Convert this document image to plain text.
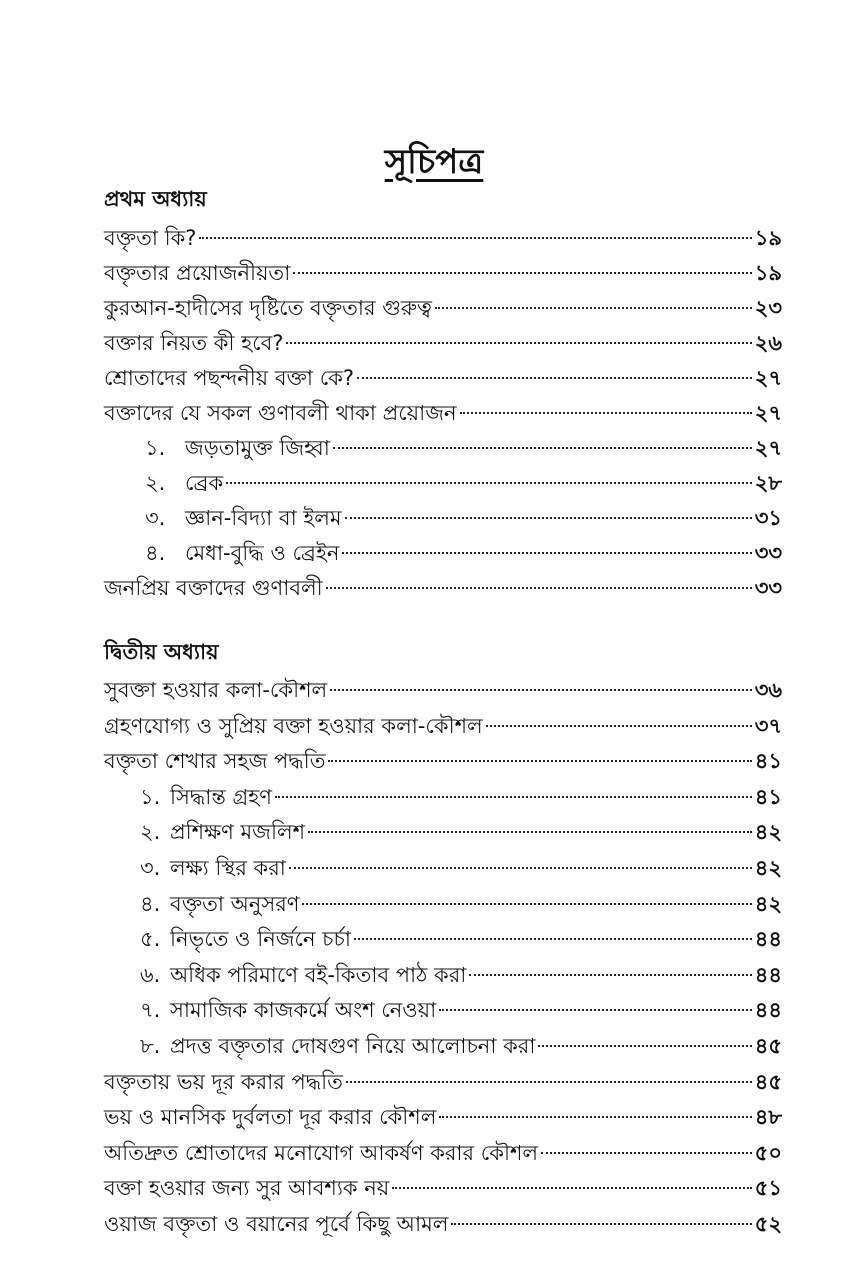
সূচিপত্র
প্রথম অধ্যায়
বক্তৃতা কি?	১৯
বক্তৃতার প্রয়োজনীয়তা	১৯
কুরআন-হাদীসের দৃষ্টিতে বক্তৃতার গুরুত্ব	২৩
বক্তার নিয়ত কী হবে?	২৬
শ্রোতাদের পছন্দনীয় বক্তা কে?	২৭
বক্তাদের যে সকল গুণাবলী থাকা প্রয়োজন	২৭
১. জড়তামুক্ত জিহ্বা	২৭
২. ব্রেক	২৮
৩. জ্ঞান-বিদ্যা বা ইলম	৩১
৪. মেধা-বুদ্ধি ও ব্রেইন	৩৩
জনপ্রিয় বক্তাদের গুণাবলী	৩৩
দ্বিতীয় অধ্যায়
সুবক্তা হওয়ার কলা-কৌশল	৩৬
গ্রহণযোগ্য ও সুপ্রিয় বক্তা হওয়ার কলা-কৌশল	৩৭
বক্তৃতা শেখার সহজ পদ্ধতি	৪১
১. সিদ্ধান্ত গ্রহণ	৪১
২. প্রশিক্ষণ মজলিশ	৪২
৩. লক্ষ্য স্থির করা	৪২
৪. বক্তৃতা অনুসরণ	৪২
৫. নিভৃতে ও নির্জনে চর্চা	৪৪
৬. অধিক পরিমাণে বই-কিতাব পাঠ করা	৪৪
৭. সামাজিক কাজকর্মে অংশ নেওয়া	৪৪
৮. প্রদত্ত বক্তৃতার দোষগুণ নিয়ে আলোচনা করা	৪৫
বক্তৃতায় ভয় দূর করার পদ্ধতি	৪৫
ভয় ও মানসিক দুর্বলতা দূর করার কৌশল	৪৮
অতিদ্রুত শ্রোতাদের মনোযোগ আকর্ষণ করার কৌশল	৫০
বক্তা হওয়ার জন্য সুর আবশ্যক নয়	৫১
ওয়াজ বক্তৃতা ও বয়ানের পূর্বে কিছু আমল	৫২
